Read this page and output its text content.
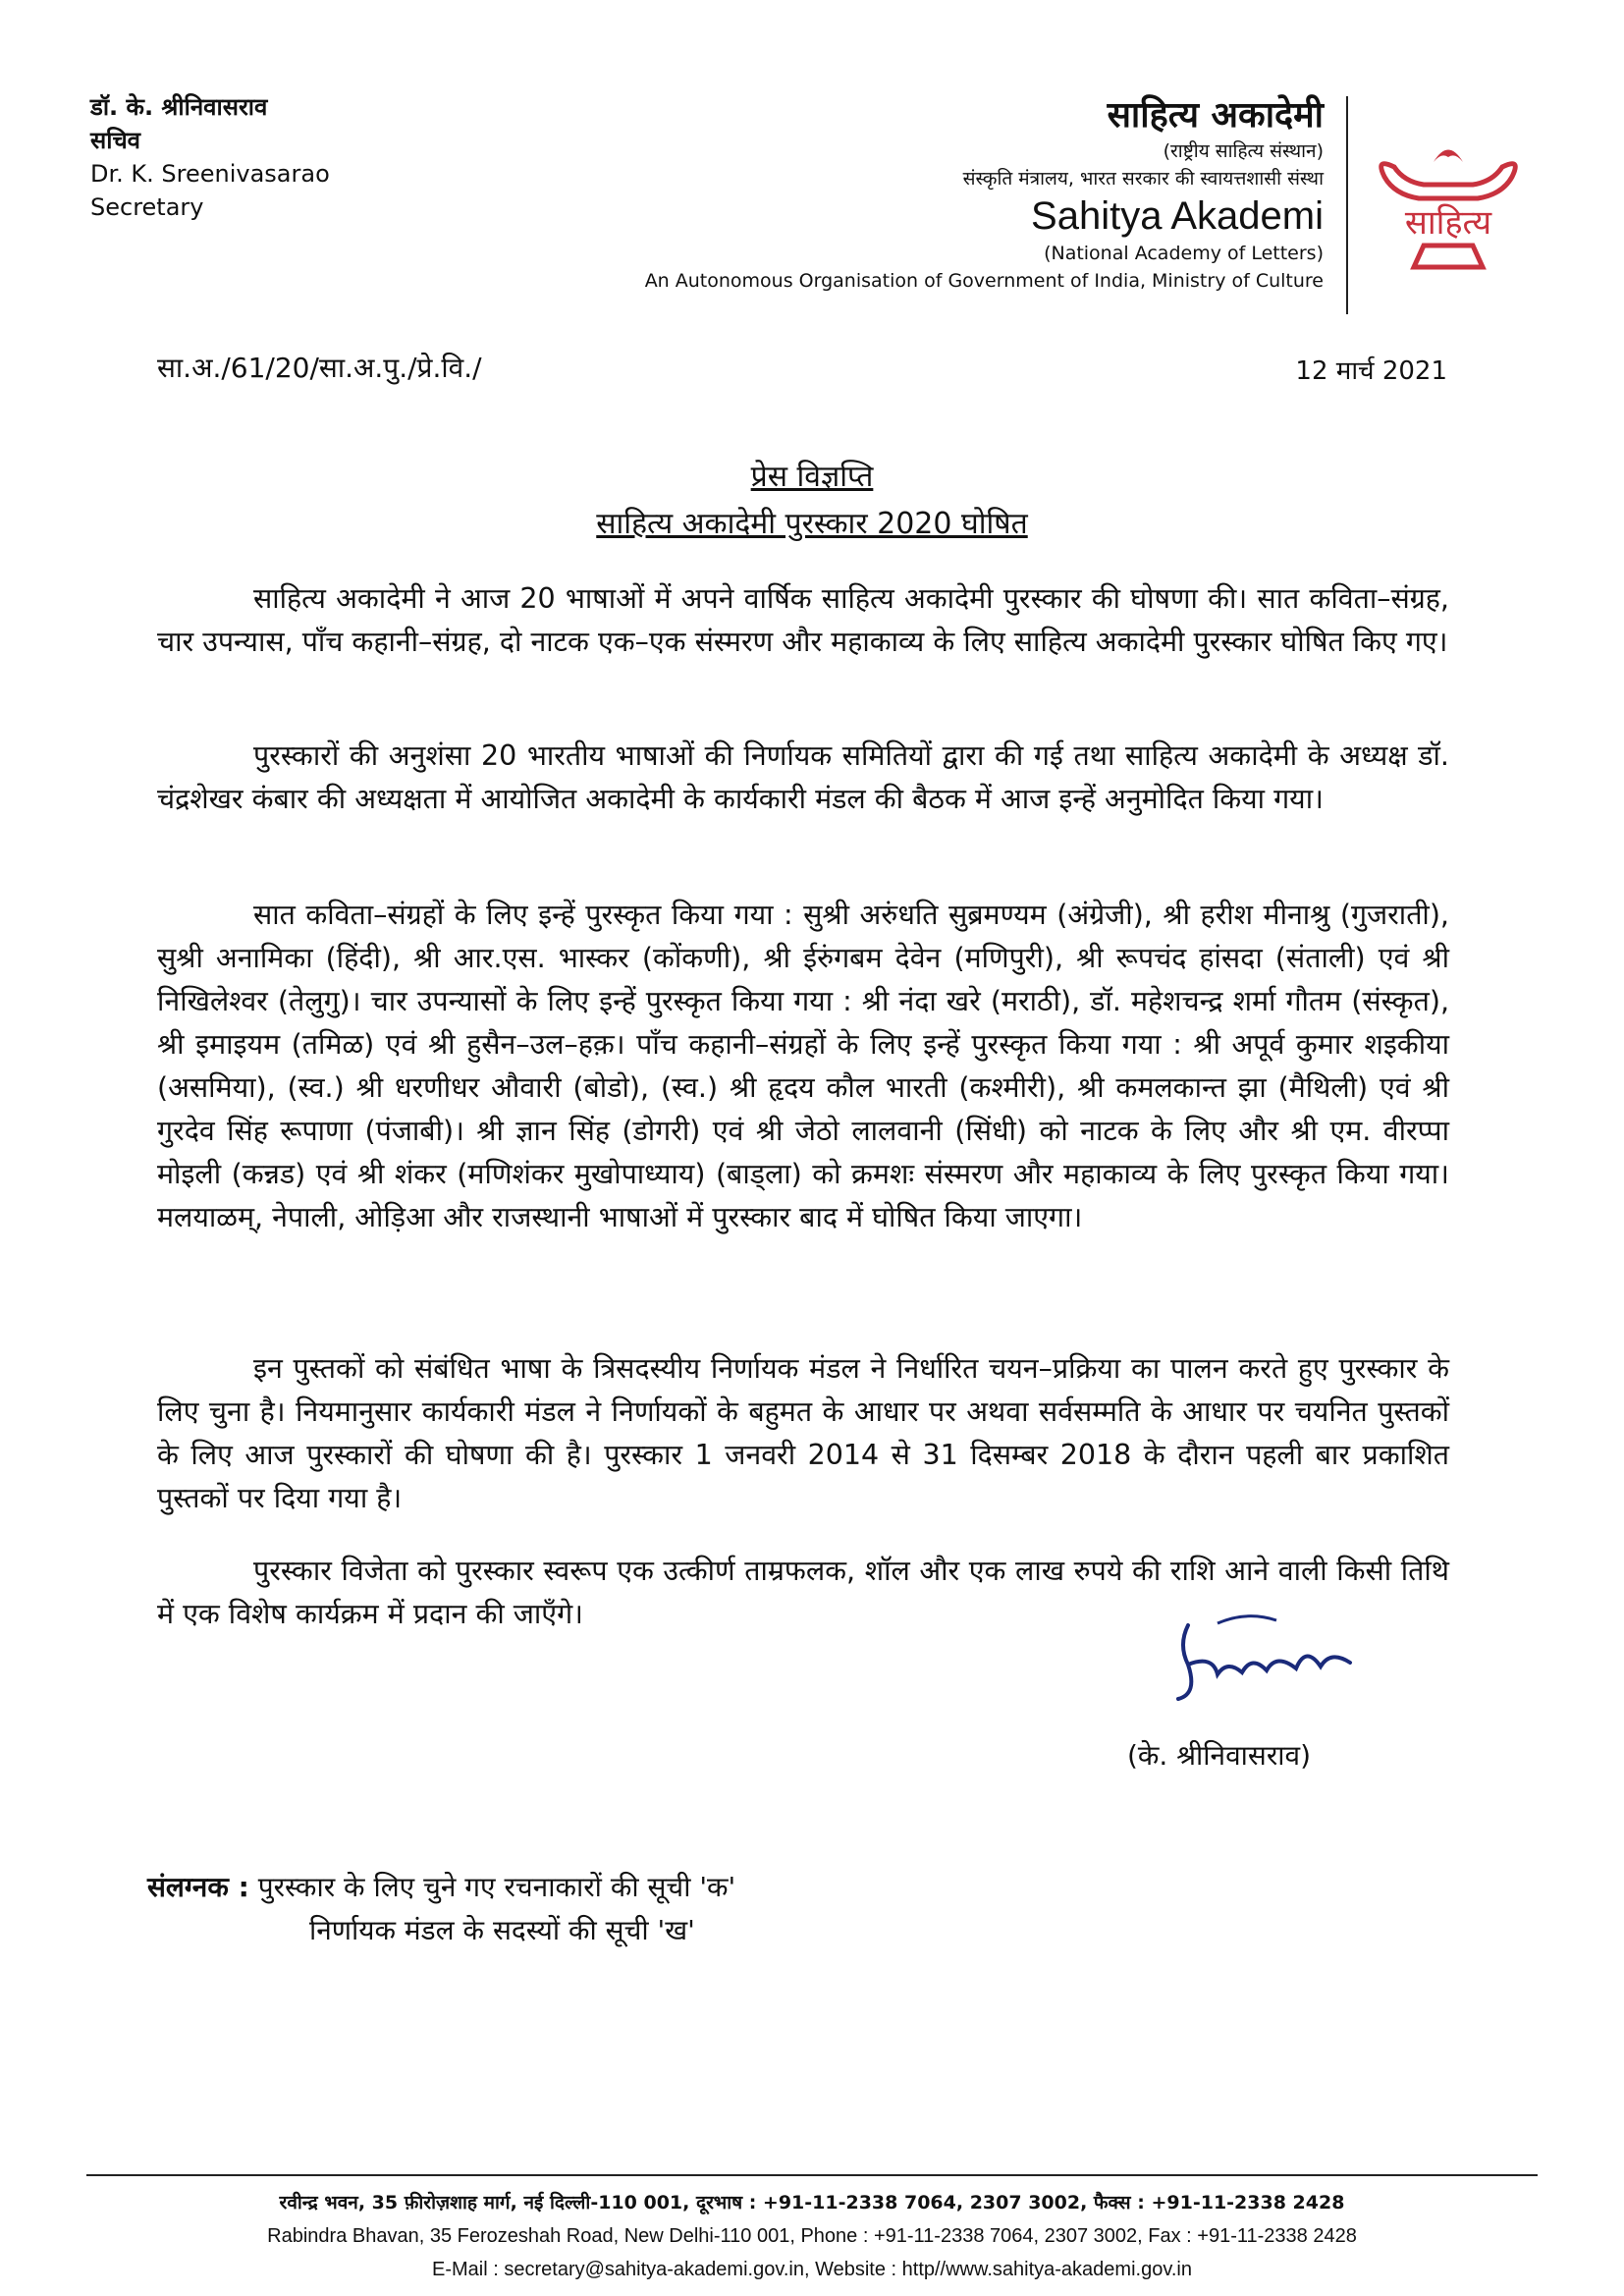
डॉ. के. श्रीनिवासराव
सचिव
Dr. K. Sreenivasarao
Secretary
साहित्य अकादेमी
(राष्ट्रीय साहित्य संस्थान)
संस्कृति मंत्रालय, भारत सरकार की स्वायत्तशासी संस्था
Sahitya Akademi
(National Academy of Letters)
An Autonomous Organisation of Government of India, Ministry of Culture
साहित्य
सा.अ./61/20/सा.अ.पु./प्रे.वि./	12 मार्च 2021
प्रेस विज्ञप्ति
साहित्य अकादेमी पुरस्कार 2020 घोषित

साहित्य अकादेमी ने आज 20 भाषाओं में अपने वार्षिक साहित्य अकादेमी पुरस्कार की घोषणा की। सात कविता–संग्रह, चार उपन्यास, पाँच कहानी–संग्रह, दो नाटक एक–एक संस्मरण और महाकाव्य के लिए साहित्य अकादेमी पुरस्कार घोषित किए गए।

पुरस्कारों की अनुशंसा 20 भारतीय भाषाओं की निर्णायक समितियों द्वारा की गई तथा साहित्य अकादेमी के अध्यक्ष डॉ. चंद्रशेखर कंबार की अध्यक्षता में आयोजित अकादेमी के कार्यकारी मंडल की बैठक में आज इन्हें अनुमोदित किया गया।

सात कविता–संग्रहों के लिए इन्हें पुरस्कृत किया गया : सुश्री अरुंधति सुब्रमण्यम (अंग्रेजी), श्री हरीश मीनाश्रु (गुजराती), सुश्री अनामिका (हिंदी), श्री आर.एस. भास्कर (कोंकणी), श्री ईरुंगबम देवेन (मणिपुरी), श्री रूपचंद हांसदा (संताली) एवं श्री निखिलेश्वर (तेलुगु)। चार उपन्यासों के लिए इन्हें पुरस्कृत किया गया : श्री नंदा खरे (मराठी), डॉ. महेशचन्द्र शर्मा गौतम (संस्कृत), श्री इमाइयम (तमिळ) एवं श्री हुसैन–उल–हक़। पाँच कहानी–संग्रहों के लिए इन्हें पुरस्कृत किया गया : श्री अपूर्व कुमार शइकीया (असमिया), (स्व.) श्री धरणीधर औवारी (बोडो), (स्व.) श्री हृदय कौल भारती (कश्मीरी), श्री कमलकान्त झा (मैथिली) एवं श्री गुरदेव सिंह रूपाणा (पंजाबी)। श्री ज्ञान सिंह (डोगरी) एवं श्री जेठो लालवानी (सिंधी) को नाटक के लिए और श्री एम. वीरप्पा मोइली (कन्नड) एवं श्री शंकर (मणिशंकर मुखोपाध्याय) (बाड्ला) को क्रमशः संस्मरण और महाकाव्य के लिए पुरस्कृत किया गया। मलयाळम्, नेपाली, ओड़िआ और राजस्थानी भाषाओं में पुरस्कार बाद में घोषित किया जाएगा।

इन पुस्तकों को संबंधित भाषा के त्रिसदस्यीय निर्णायक मंडल ने निर्धारित चयन–प्रक्रिया का पालन करते हुए पुरस्कार के लिए चुना है। नियमानुसार कार्यकारी मंडल ने निर्णायकों के बहुमत के आधार पर अथवा सर्वसम्मति के आधार पर चयनित पुस्तकों के लिए आज पुरस्कारों की घोषणा की है। पुरस्कार 1 जनवरी 2014 से 31 दिसम्बर 2018 के दौरान पहली बार प्रकाशित पुस्तकों पर दिया गया है।

पुरस्कार विजेता को पुरस्कार स्वरूप एक उत्कीर्ण ताम्रफलक, शॉल और एक लाख रुपये की राशि आने वाली किसी तिथि में एक विशेष कार्यक्रम में प्रदान की जाएँगे।

(के. श्रीनिवासराव)
संलग्नक : पुरस्कार के लिए चुने गए रचनाकारों की सूची 'क'
निर्णायक मंडल के सदस्यों की सूची 'ख'
रवीन्द्र भवन, 35 फ़ीरोज़शाह मार्ग, नई दिल्ली-110 001, दूरभाष : +91-11-2338 7064, 2307 3002, फैक्स : +91-11-2338 2428
Rabindra Bhavan, 35 Ferozeshah Road, New Delhi-110 001, Phone : +91-11-2338 7064, 2307 3002, Fax : +91-11-2338 2428
E-Mail : secretary@sahitya-akademi.gov.in, Website : http//www.sahitya-akademi.gov.in
